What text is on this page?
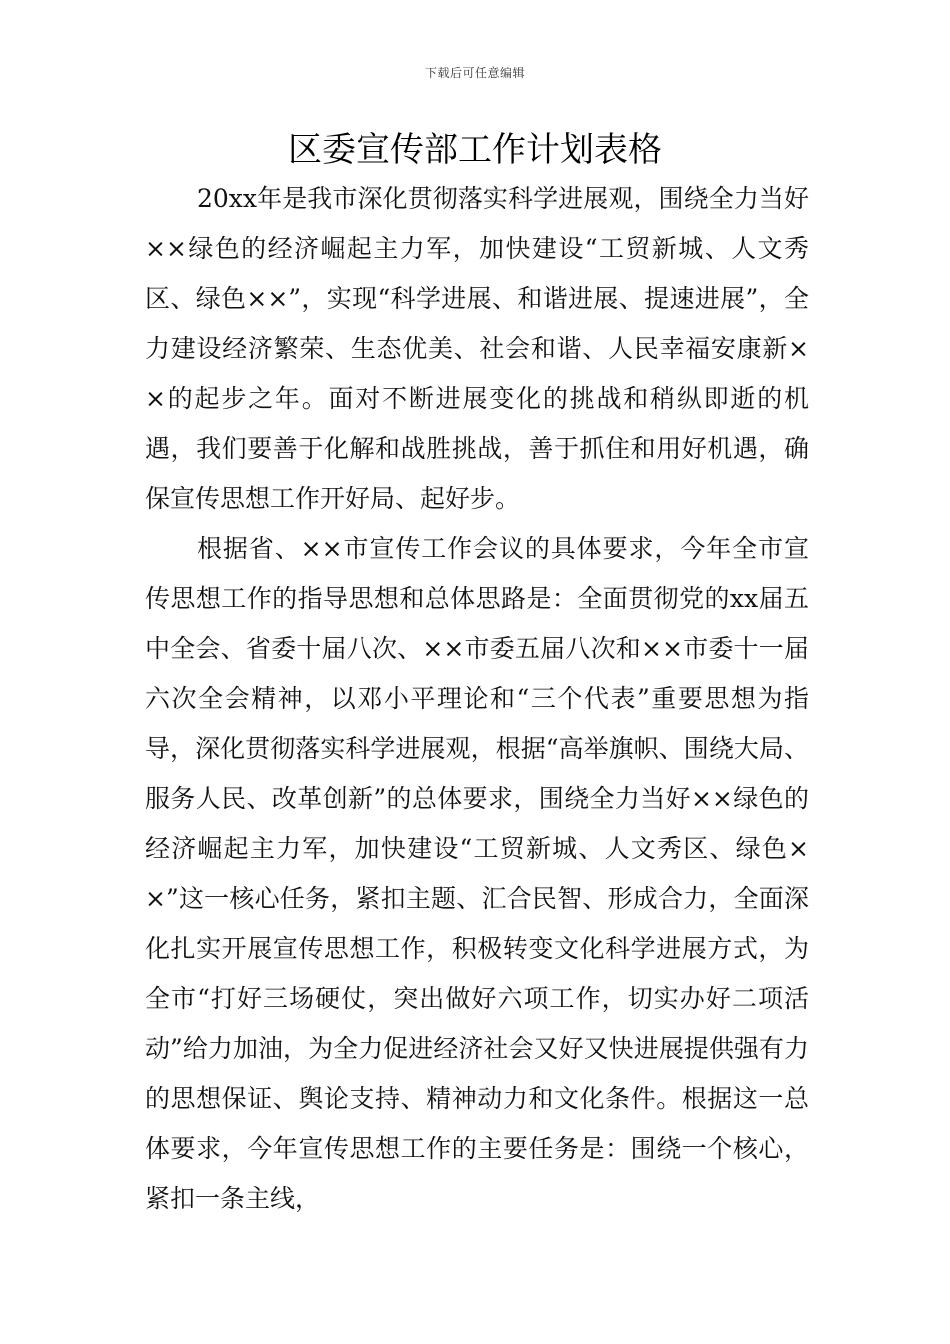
下载后可任意编辑
区委宣传部工作计划表格

20xx年是我市深化贯彻落实科学进展观，围绕全力当好××绿色的经济崛起主力军，加快建设“工贸新城、人文秀区、绿色××”，实现“科学进展、和谐进展、提速进展”，全力建设经济繁荣、生态优美、社会和谐、人民幸福安康新××的起步之年。面对不断进展变化的挑战和稍纵即逝的机遇，我们要善于化解和战胜挑战，善于抓住和用好机遇，确保宣传思想工作开好局、起好步。

根据省、××市宣传工作会议的具体要求，今年全市宣传思想工作的指导思想和总体思路是：全面贯彻党的xx届五中全会、省委十届八次、××市委五届八次和××市委十一届六次全会精神，以邓小平理论和“三个代表”重要思想为指导，深化贯彻落实科学进展观，根据“高举旗帜、围绕大局、服务人民、改革创新”的总体要求，围绕全力当好××绿色的经济崛起主力军，加快建设“工贸新城、人文秀区、绿色××”这一核心任务，紧扣主题、汇合民智、形成合力，全面深化扎实开展宣传思想工作，积极转变文化科学进展方式，为全市“打好三场硬仗，突出做好六项工作，切实办好二项活动”给力加油，为全力促进经济社会又好又快进展提供强有力的思想保证、舆论支持、精神动力和文化条件。根据这一总体要求，今年宣传思想工作的主要任务是：围绕一个核心，紧扣一条主线，
